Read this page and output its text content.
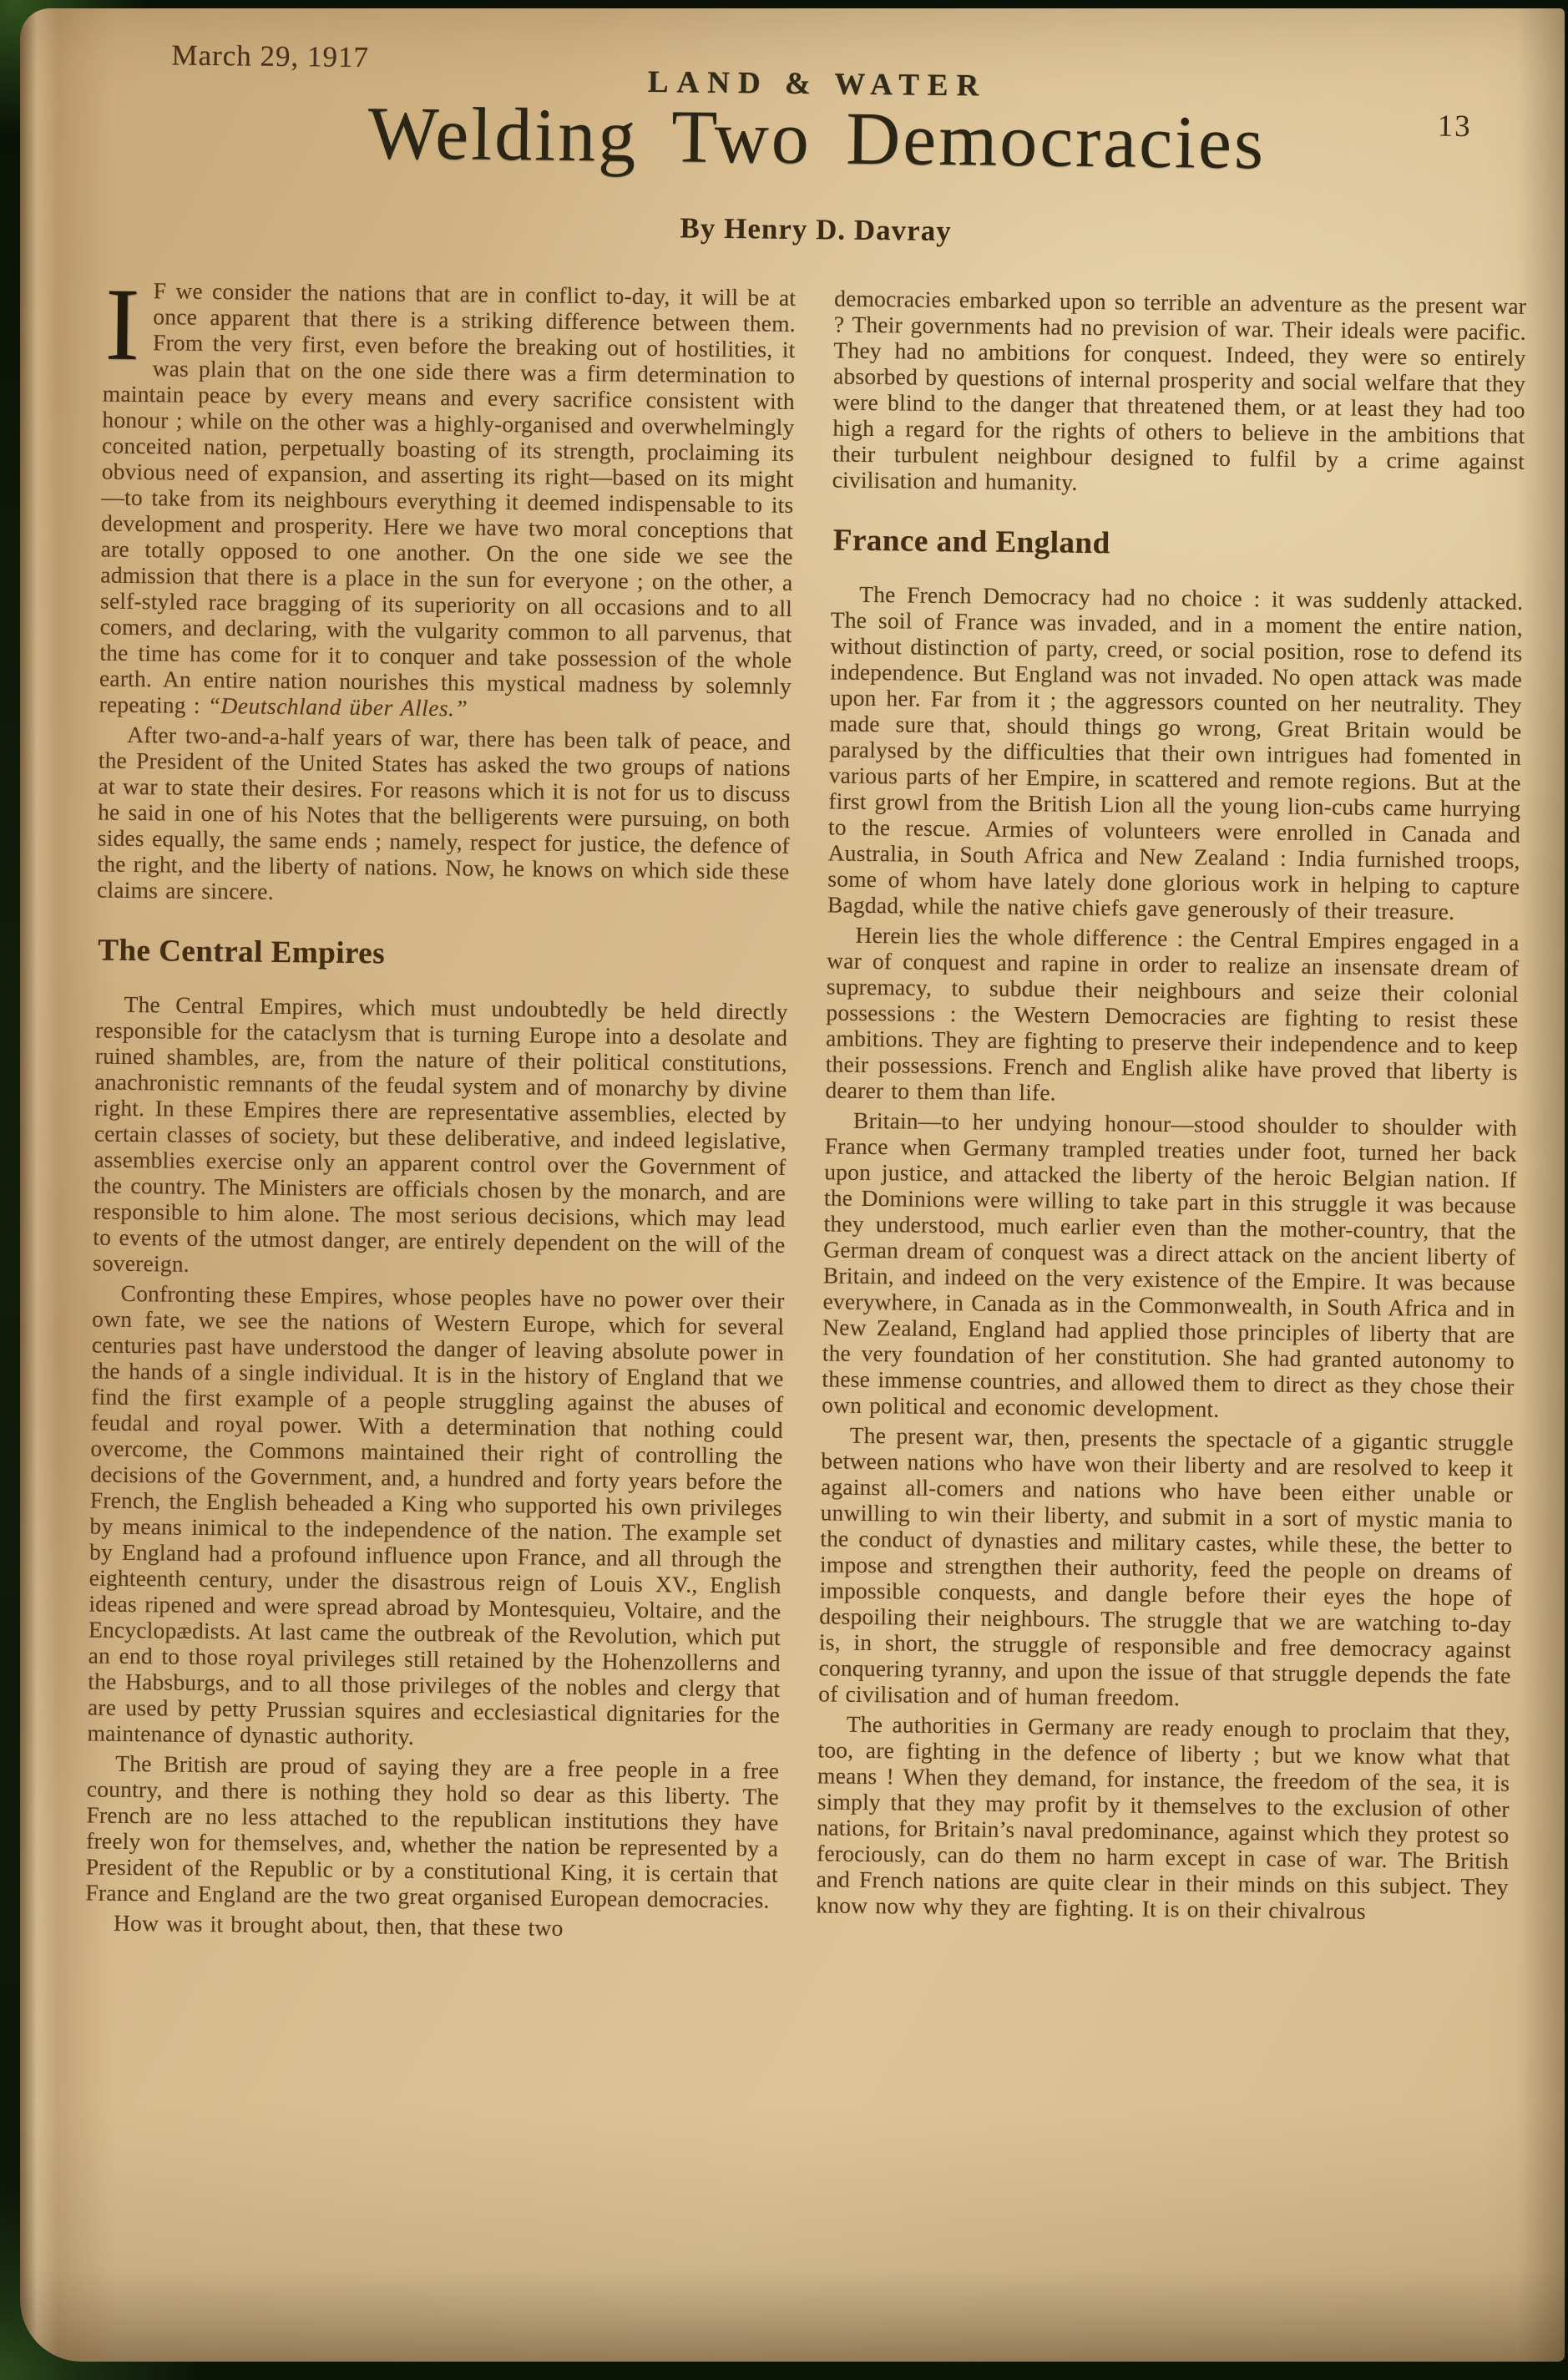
March 29, 1917
LAND & WATER
13
Welding Two Democracies
By Henry D. Davray

I F we consider the nations that are in conflict to-day, it will be at once apparent that there is a striking difference between them. From the very first, even before the breaking out of hostilities, it was plain that on the one side there was a firm determination to maintain peace by every means and every sacrifice consistent with honour ; while on the other was a highly-organised and overwhelmingly conceited nation, perpetually boasting of its strength, proclaiming its obvious need of expansion, and asserting its right—based on its might—to take from its neighbours everything it deemed indispensable to its development and prosperity. Here we have two moral conceptions that are totally opposed to one another. On the one side we see the admission that there is a place in the sun for everyone ; on the other, a self-styled race bragging of its superiority on all occasions and to all comers, and declaring, with the vulgarity common to all parvenus, that the time has come for it to conquer and take possession of the whole earth. An entire nation nourishes this mystical madness by solemnly repeating : “Deutschland über Alles.”

After two-and-a-half years of war, there has been talk of peace, and the President of the United States has asked the two groups of nations at war to state their desires. For reasons which it is not for us to discuss he said in one of his Notes that the belligerents were pursuing, on both sides equally, the same ends ; namely, respect for justice, the defence of the right, and the liberty of nations. Now, he knows on which side these claims are sincere.

The Central Empires

The Central Empires, which must undoubtedly be held directly responsible for the cataclysm that is turning Europe into a desolate and ruined shambles, are, from the nature of their political constitutions, anachronistic remnants of the feudal system and of monarchy by divine right. In these Empires there are representative assemblies, elected by certain classes of society, but these deliberative, and indeed legislative, assemblies exercise only an apparent control over the Government of the country. The Ministers are officials chosen by the monarch, and are responsible to him alone. The most serious decisions, which may lead to events of the utmost danger, are entirely dependent on the will of the sovereign.

Confronting these Empires, whose peoples have no power over their own fate, we see the nations of Western Europe, which for several centuries past have understood the danger of leaving absolute power in the hands of a single individual. It is in the history of England that we find the first example of a people struggling against the abuses of feudal and royal power. With a determination that nothing could overcome, the Commons maintained their right of controlling the decisions of the Government, and, a hundred and forty years before the French, the English beheaded a King who supported his own privileges by means inimical to the independence of the nation. The example set by England had a profound influence upon France, and all through the eighteenth century, under the disastrous reign of Louis XV., English ideas ripened and were spread abroad by Montesquieu, Voltaire, and the Encyclopædists. At last came the outbreak of the Revolution, which put an end to those royal privileges still retained by the Hohenzollerns and the Habsburgs, and to all those privileges of the nobles and clergy that are used by petty Prussian squires and ecclesiastical dignitaries for the maintenance of dynastic authority.

The British are proud of saying they are a free people in a free country, and there is nothing they hold so dear as this liberty. The French are no less attached to the republican institutions they have freely won for themselves, and, whether the nation be represented by a President of the Republic or by a constitutional King, it is certain that France and England are the two great organised European democracies.

How was it brought about, then, that these two

democracies embarked upon so terrible an adventure as the present war ? Their governments had no prevision of war. Their ideals were pacific. They had no ambitions for conquest. Indeed, they were so entirely absorbed by questions of internal prosperity and social welfare that they were blind to the danger that threatened them, or at least they had too high a regard for the rights of others to believe in the ambitions that their turbulent neighbour designed to fulfil by a crime against civilisation and humanity.

France and England

The French Democracy had no choice : it was suddenly attacked. The soil of France was invaded, and in a moment the entire nation, without distinction of party, creed, or social position, rose to defend its independence. But England was not invaded. No open attack was made upon her. Far from it ; the aggressors counted on her neutrality. They made sure that, should things go wrong, Great Britain would be paralysed by the difficulties that their own intrigues had fomented in various parts of her Empire, in scattered and remote regions. But at the first growl from the British Lion all the young lion-cubs came hurrying to the rescue. Armies of volunteers were enrolled in Canada and Australia, in South Africa and New Zealand : India furnished troops, some of whom have lately done glorious work in helping to capture Bagdad, while the native chiefs gave generously of their treasure.

Herein lies the whole difference : the Central Empires engaged in a war of conquest and rapine in order to realize an insensate dream of supremacy, to subdue their neighbours and seize their colonial possessions : the Western Democracies are fighting to resist these ambitions. They are fighting to preserve their independence and to keep their possessions. French and English alike have proved that liberty is dearer to them than life.

Britain—to her undying honour—stood shoulder to shoulder with France when Germany trampled treaties under foot, turned her back upon justice, and attacked the liberty of the heroic Belgian nation. If the Dominions were willing to take part in this struggle it was because they understood, much earlier even than the mother-country, that the German dream of conquest was a direct attack on the ancient liberty of Britain, and indeed on the very existence of the Empire. It was because everywhere, in Canada as in the Commonwealth, in South Africa and in New Zealand, England had applied those principles of liberty that are the very foundation of her constitution. She had granted autonomy to these immense countries, and allowed them to direct as they chose their own political and economic development.

The present war, then, presents the spectacle of a gigantic struggle between nations who have won their liberty and are resolved to keep it against all-comers and nations who have been either unable or unwilling to win their liberty, and submit in a sort of mystic mania to the conduct of dynasties and military castes, while these, the better to impose and strengthen their authority, feed the people on dreams of impossible conquests, and dangle before their eyes the hope of despoiling their neighbours. The struggle that we are watching to-day is, in short, the struggle of responsible and free democracy against conquering tyranny, and upon the issue of that struggle depends the fate of civilisation and of human freedom.

The authorities in Germany are ready enough to proclaim that they, too, are fighting in the defence of liberty ; but we know what that means ! When they demand, for instance, the freedom of the sea, it is simply that they may profit by it themselves to the exclusion of other nations, for Britain’s naval predominance, against which they protest so ferociously, can do them no harm except in case of war. The British and French nations are quite clear in their minds on this subject. They know now why they are fighting. It is on their chivalrous
